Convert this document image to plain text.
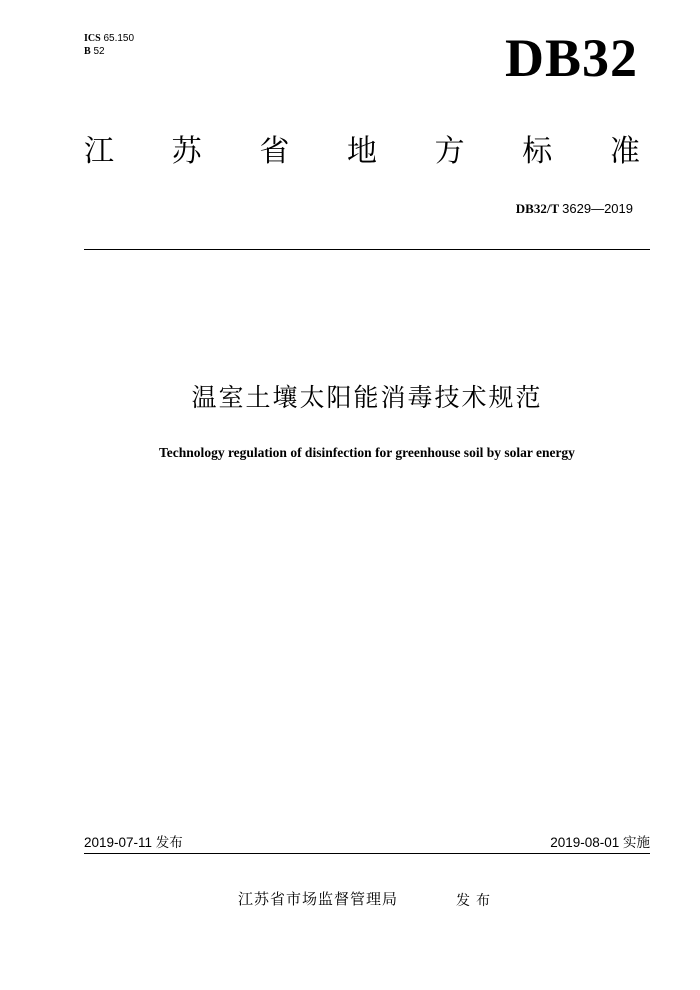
ICS 65.150
B 52	DB32
江 苏 省 地 方 标 准
DB32/T 3629—2019
温室土壤太阳能消毒技术规范
Technology regulation of disinfection for greenhouse soil by solar energy
2019-07-11 发布	2019-08-01 实施
江苏省市场监督管理局	发布
